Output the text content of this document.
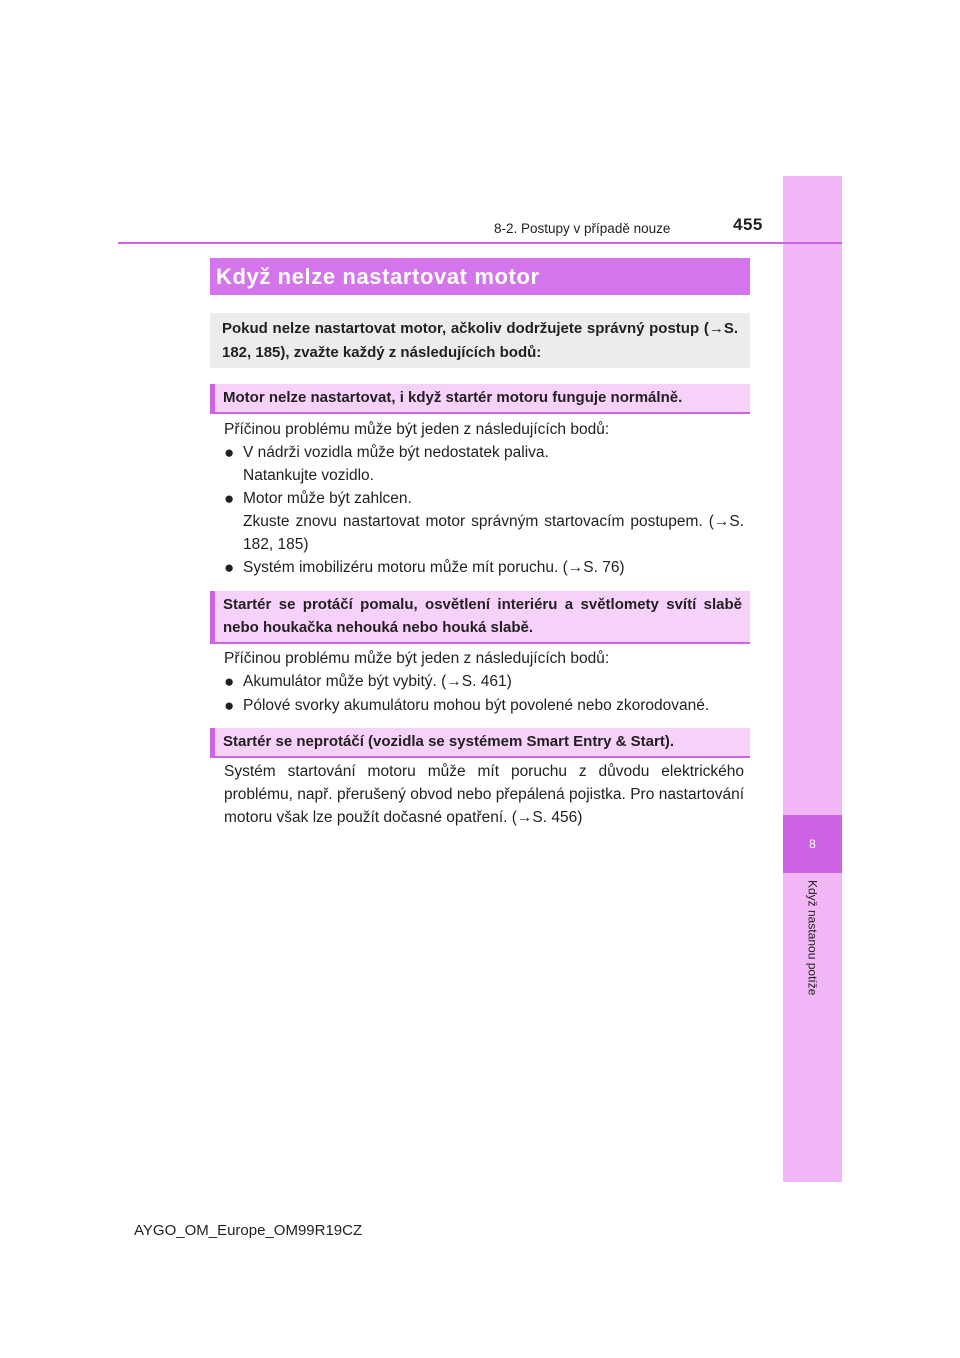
8
Když nastanou potíže
8-2. Postupy v případě nouze	455
Když nelze nastartovat motor
Pokud nelze nastartovat motor, ačkoliv dodržujete správný postup (→S. 182, 185), zvažte každý z následujících bodů:
Motor nelze nastartovat, i když startér motoru funguje normálně.
Příčinou problému může být jeden z následujících bodů:
● V nádrži vozidla může být nedostatek paliva.
Natankujte vozidlo.
● Motor může být zahlcen.
Zkuste znovu nastartovat motor správným startovacím postupem. (→S. 182, 185)
● Systém imobilizéru motoru může mít poruchu. (→S. 76)
Startér se protáčí pomalu, osvětlení interiéru a světlomety svítí slabě nebo houkačka nehouká nebo houká slabě.
Příčinou problému může být jeden z následujících bodů:
● Akumulátor může být vybitý. (→S. 461)
● Pólové svorky akumulátoru mohou být povolené nebo zkorodované.
Startér se neprotáčí (vozidla se systémem Smart Entry & Start).
Systém startování motoru může mít poruchu z důvodu elektrického problému, např. přerušený obvod nebo přepálená pojistka. Pro nastartování motoru však lze použít dočasné opatření. (→S. 456)
AYGO_OM_Europe_OM99R19CZ
